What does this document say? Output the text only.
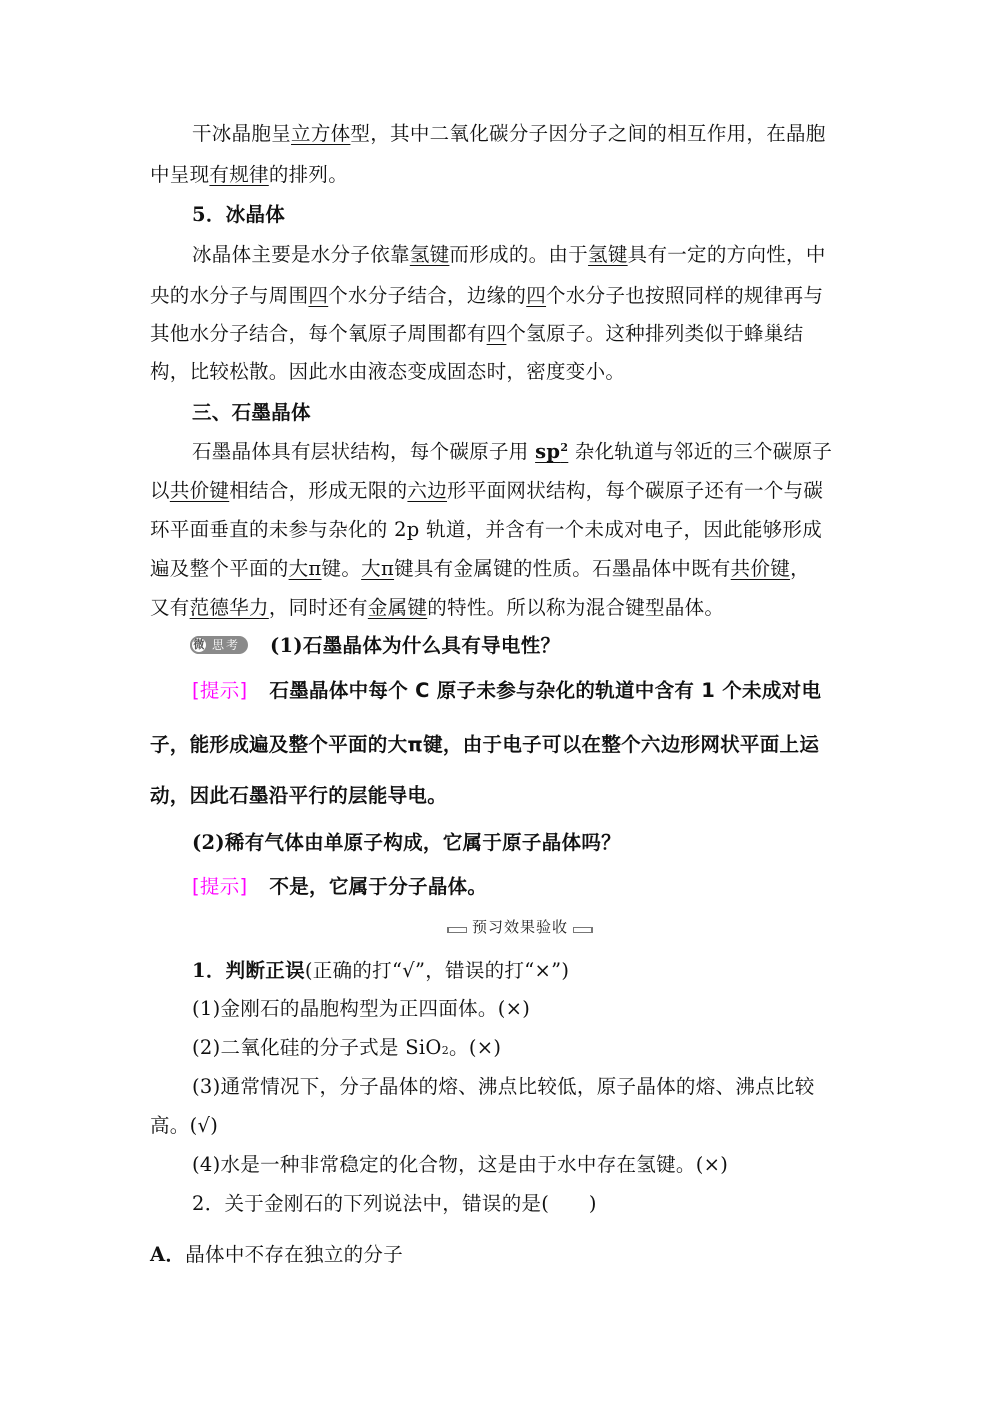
干冰晶胞呈立方体型，其中二氧化碳分子因分子之间的相互作用，在晶胞
中呈现有规律的排列。
5．冰晶体
冰晶体主要是水分子依靠氢键而形成的。由于氢键具有一定的方向性，中
央的水分子与周围四个水分子结合，边缘的四个水分子也按照同样的规律再与
其他水分子结合，每个氧原子周围都有四个氢原子。这种排列类似于蜂巢结
构，比较松散。因此水由液态变成固态时，密度变小。
三、石墨晶体
石墨晶体具有层状结构，每个碳原子用 $sp^2$ 杂化轨道与邻近的三个碳原子
以共价键相结合，形成无限的六边形平面网状结构，每个碳原子还有一个与碳
环平面垂直的未参与杂化的 2p 轨道，并含有一个未成对电子，因此能够形成
遍及整个平面的大π键。大π键具有金属键的性质。石墨晶体中既有共价键，
又有范德华力，同时还有金属键的特性。所以称为混合键型晶体。
微 思考 (1)石墨晶体为什么具有导电性？
[提示] 石墨晶体中每个 C 原子未参与杂化的轨道中含有 1 个未成对电
子，能形成遍及整个平面的大π键，由于电子可以在整个六边形网状平面上运
动，因此石墨沿平行的层能导电。
(2)稀有气体由单原子构成，它属于原子晶体吗？
[提示] 不是，它属于分子晶体。
预习效果验收
1．判断正误(正确的打“√”，错误的打“×”)
(1)金刚石的晶胞构型为正四面体。(×)
(2)二氧化硅的分子式是 SiO$_2$。(×)
(3)通常情况下，分子晶体的熔、沸点比较低，原子晶体的熔、沸点比较
高。(√)
(4)水是一种非常稳定的化合物，这是由于水中存在氢键。(×)
2．关于金刚石的下列说法中，错误的是(　　)
A．晶体中不存在独立的分子
